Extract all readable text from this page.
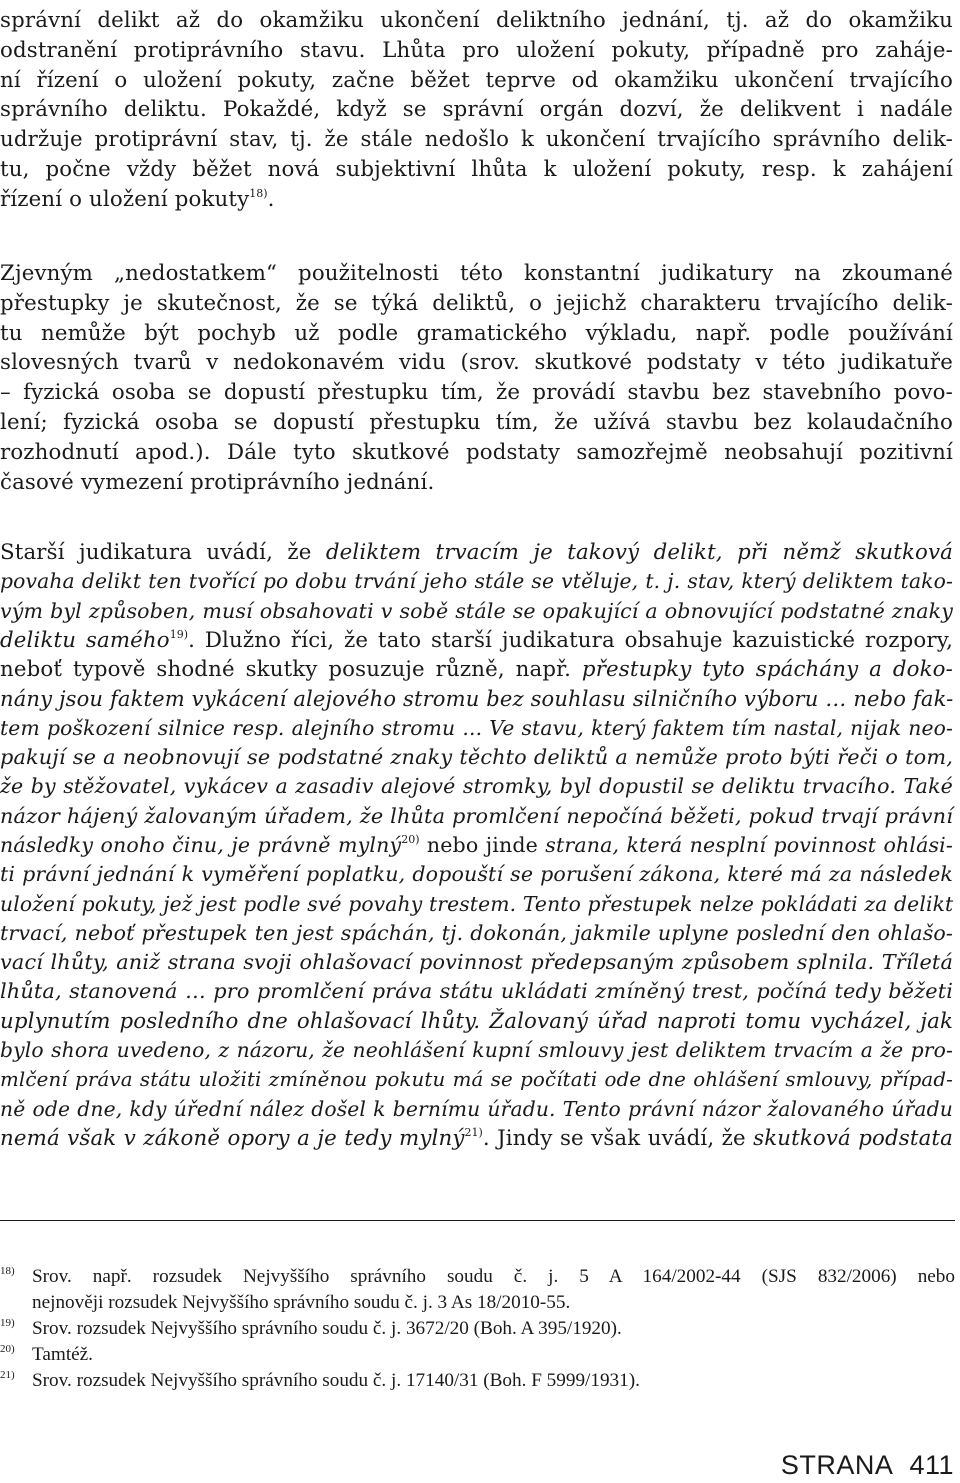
správní delikt až do okamžiku ukončení deliktního jednání, tj. až do okamžiku
odstranění protiprávního stavu. Lhůta pro uložení pokuty, případně pro zaháje-
ní řízení o uložení pokuty, začne běžet teprve od okamžiku ukončení trvajícího
správního deliktu. Pokaždé, když se správní orgán dozví, že delikvent i nadále
udržuje protiprávní stav, tj. že stále nedošlo k ukončení trvajícího správního delik-
tu, počne vždy běžet nová subjektivní lhůta k uložení pokuty, resp. k zahájení
řízení o uložení pokuty$^{18)}$.
Zjevným „nedostatkem“ použitelnosti této konstantní judikatury na zkoumané
přestupky je skutečnost, že se týká deliktů, o jejichž charakteru trvajícího delik-
tu nemůže být pochyb už podle gramatického výkladu, např. podle používání
slovesných tvarů v nedokonavém vidu (srov. skutkové podstaty v této judikatuře
– fyzická osoba se dopustí přestupku tím, že provádí stavbu bez stavebního povo-
lení; fyzická osoba se dopustí přestupku tím, že užívá stavbu bez kolaudačního
rozhodnutí apod.). Dále tyto skutkové podstaty samozřejmě neobsahují pozitivní
časové vymezení protiprávního jednání.
Starší judikatura uvádí, že deliktem trvacím je takový delikt, při němž skutková
povaha delikt ten tvořící po dobu trvání jeho stále se vtěluje, t. j. stav, který deliktem tako-
vým byl způsoben, musí obsahovati v sobě stále se opakující a obnovující podstatné znaky
deliktu samého$^{19)}$. Dlužno říci, že tato starší judikatura obsahuje kazuistické rozpory,
neboť typově shodné skutky posuzuje různě, např. přestupky tyto spáchány a doko-
nány jsou faktem vykácení alejového stromu bez souhlasu silničního výboru … nebo fak-
tem poškození silnice resp. alejního stromu ... Ve stavu, který faktem tím nastal, nijak neo-
pakují se a neobnovují se podstatné znaky těchto deliktů a nemůže proto býti řeči o tom,
že by stěžovatel, vykácev a zasadiv alejové stromky, byl dopustil se deliktu trvacího. Také
názor hájený žalovaným úřadem, že lhůta promlčení nepočíná běžeti, pokud trvají právní
následky onoho činu, je právně mylný$^{20)}$ nebo jinde strana, která nesplní povinnost ohlási-
ti právní jednání k vyměření poplatku, dopouští se porušení zákona, které má za následek
uložení pokuty, jež jest podle své povahy trestem. Tento přestupek nelze pokládati za delikt
trvací, neboť přestupek ten jest spáchán, tj. dokonán, jakmile uplyne poslední den ohlašo-
vací lhůty, aniž strana svoji ohlašovací povinnost předepsaným způsobem splnila. Tříletá
lhůta, stanovená … pro promlčení práva státu ukládati zmíněný trest, počíná tedy běžeti
uplynutím posledního dne ohlašovací lhůty. Žalovaný úřad naproti tomu vycházel, jak
bylo shora uvedeno, z názoru, že neohlášení kupní smlouvy jest deliktem trvacím a že pro-
mlčení práva státu uložiti zmíněnou pokutu má se počítati ode dne ohlášení smlouvy, případ-
ně ode dne, kdy úřední nález došel k bernímu úřadu. Tento právní názor žalovaného úřadu
nemá však v zákoně opory a je tedy mylný$^{21)}$. Jindy se však uvádí, že skutková podstata
18) Srov. např. rozsudek Nejvyššího správního soudu č. j. 5 A 164/2002-44 (SJS 832/2006) nebo
nejnověji rozsudek Nejvyššího správního soudu č. j. 3 As 18/2010-55.
19) Srov. rozsudek Nejvyššího správního soudu č. j. 3672/20 (Boh. A 395/1920).
20) Tamtéž.
21) Srov. rozsudek Nejvyššího správního soudu č. j. 17140/31 (Boh. F 5999/1931).
STRANA 411
